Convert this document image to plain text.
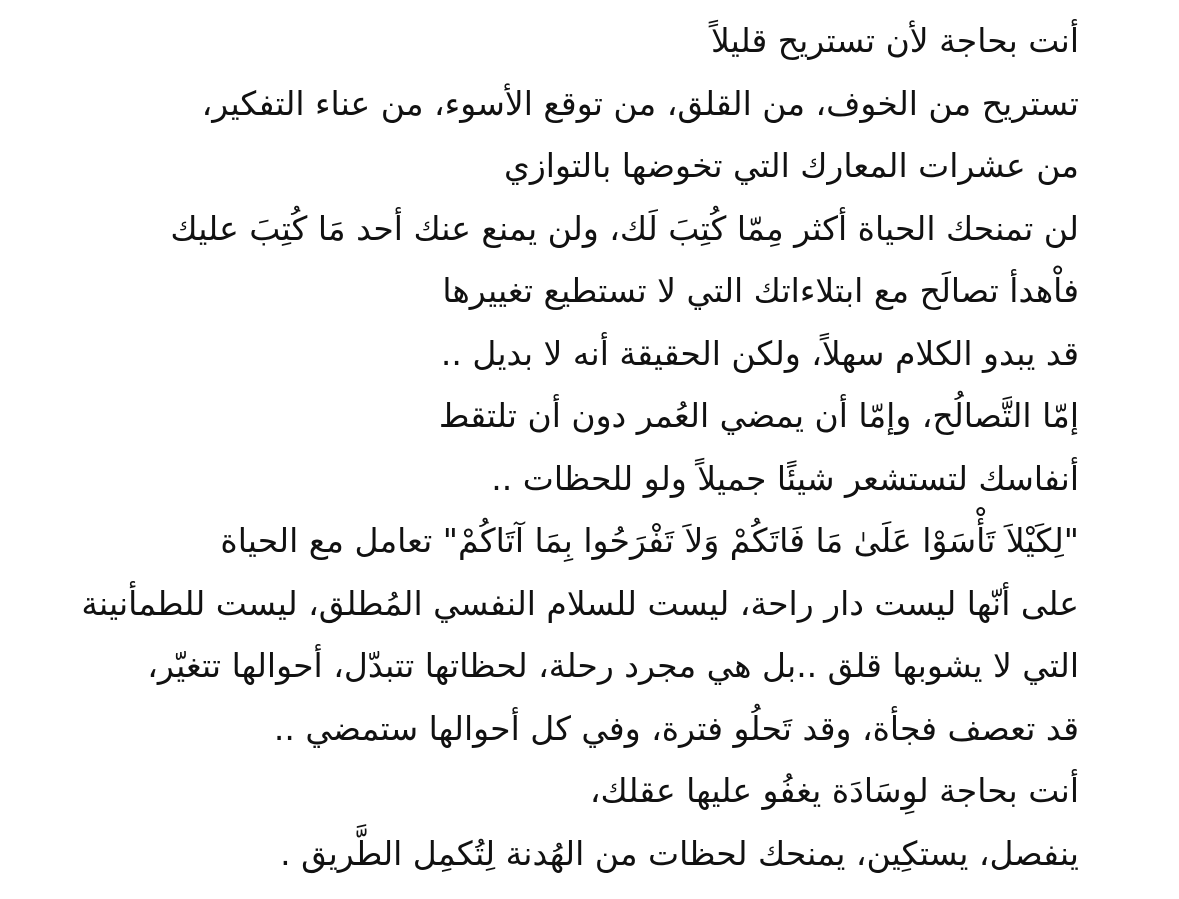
أنت بحاجة لأن تستريح قليلاً
تستريح من الخوف، من القلق، من توقع الأسوء، من عناء التفكير،
من عشرات المعارك التي تخوضها بالتوازي
لن تمنحك الحياة أكثر مِمّا كُتِبَ لَك، ولن يمنع عنك أحد مَا كُتِبَ عليك
فاْهدأ تصالَح مع ابتلاءاتك التي لا تستطيع تغييرها
قد يبدو الكلام سهلاً، ولكن الحقيقة أنه لا بديل ..
إمّا التَّصالُح، وإمّا أن يمضي العُمر دون أن تلتقط
أنفاسك لتستشعر شيئًا جميلاً ولو للحظات ..
"لِكَيْلاَ تَأْسَوْا عَلَىٰ مَا فَاتَكُمْ وَلاَ تَفْرَحُوا بِمَا آتَاكُمْ" تعامل مع الحياة
على أنّها ليست دار راحة، ليست للسلام النفسي المُطلق، ليست للطمأنينة
التي لا يشوبها قلق ..بل هي مجرد رحلة، لحظاتها تتبدّل، أحوالها تتغيّر،
قد تعصف فجأة، وقد تَحلُو فترة، وفي كل أحوالها ستمضي ..
أنت بحاجة لوِسَادَة يغفُو عليها عقلك،
ينفصل، يستكِين، يمنحك لحظات من الهُدنة لِتُكمِل الطَّريق .
